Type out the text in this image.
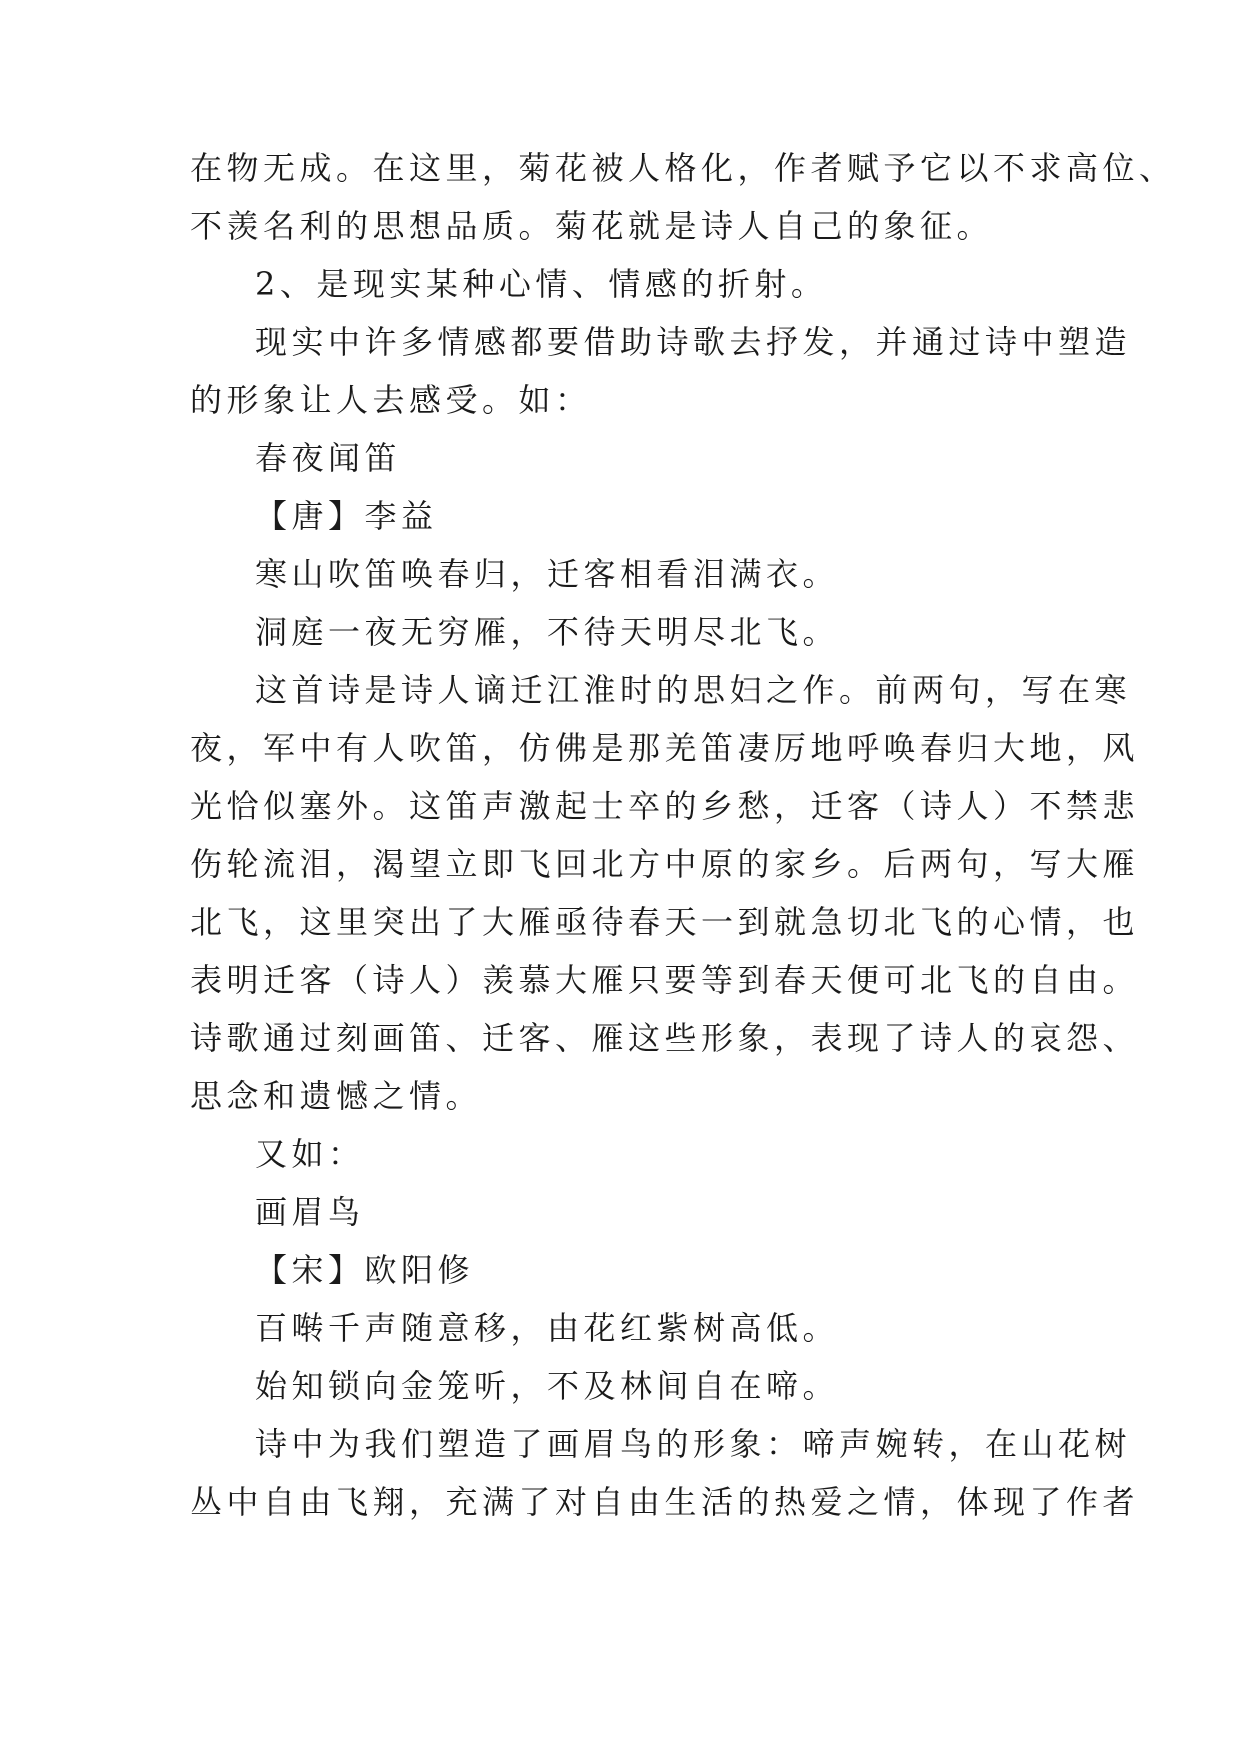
在物无成。在这里，菊花被人格化，作者赋予它以不求高位、
不羡名利的思想品质。菊花就是诗人自己的象征。
2、是现实某种心情、情感的折射。
现实中许多情感都要借助诗歌去抒发，并通过诗中塑造
的形象让人去感受。如：
春夜闻笛
【唐】李益
寒山吹笛唤春归，迁客相看泪满衣。
洞庭一夜无穷雁，不待天明尽北飞。
这首诗是诗人谪迁江淮时的思妇之作。前两句，写在寒
夜，军中有人吹笛，仿佛是那羌笛凄厉地呼唤春归大地，风
光恰似塞外。这笛声激起士卒的乡愁，迁客（诗人）不禁悲
伤轮流泪，渴望立即飞回北方中原的家乡。后两句，写大雁
北飞，这里突出了大雁亟待春天一到就急切北飞的心情，也
表明迁客（诗人）羡慕大雁只要等到春天便可北飞的自由。
诗歌通过刻画笛、迁客、雁这些形象，表现了诗人的哀怨、
思念和遗憾之情。
又如：
画眉鸟
【宋】欧阳修
百啭千声随意移，由花红紫树高低。
始知锁向金笼听，不及林间自在啼。
诗中为我们塑造了画眉鸟的形象：啼声婉转，在山花树
丛中自由飞翔，充满了对自由生活的热爱之情，体现了作者
